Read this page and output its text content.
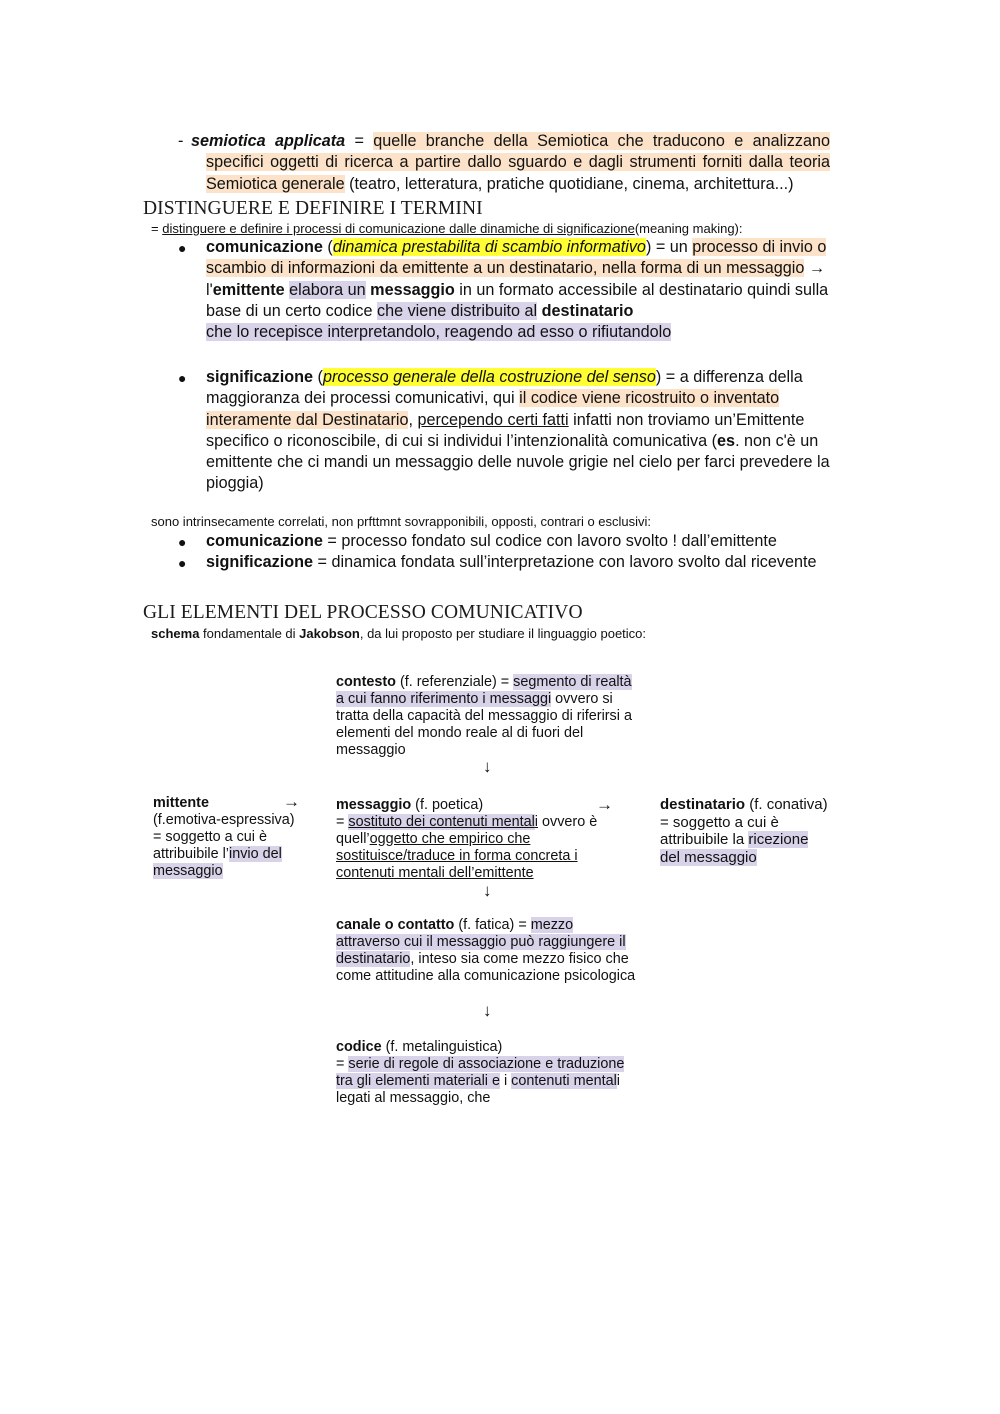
- semiotica applicata = quelle branche della Semiotica che traducono e analizzano specifici oggetti di ricerca a partire dallo sguardo e dagli strumenti forniti dalla teoria Semiotica generale (teatro, letteratura, pratiche quotidiane, cinema, architettura...)
DISTINGUERE E DEFINIRE I TERMINI
= distinguere e definire i processi di comunicazione dalle dinamiche di significazione(meaning making):
● comunicazione (dinamica prestabilita di scambio informativo) = un processo di invio o scambio di informazioni da emittente a un destinatario, nella forma di un messaggio → l'emittente elabora un messaggio in un formato accessibile al destinatario quindi sulla base di un certo codice che viene distribuito al destinatario
che lo recepisce interpretandolo, reagendo ad esso o rifiutandolo
● significazione (processo generale della costruzione del senso) = a differenza della maggioranza dei processi comunicativi, qui il codice viene ricostruito o inventato interamente dal Destinatario, percependo certi fatti infatti non troviamo un’Emittente specifico o riconoscibile, di cui si individui l’intenzionalità comunicativa (es. non c'è un emittente che ci mandi un messaggio delle nuvole grigie nel cielo per farci prevedere la pioggia)
sono intrinsecamente correlati, non prfttmnt sovrapponibili, opposti, contrari o esclusivi:
● comunicazione = processo fondato sul codice con lavoro svolto ! dall’emittente
● significazione = dinamica fondata sull’interpretazione con lavoro svolto dal ricevente
GLI ELEMENTI DEL PROCESSO COMUNICATIVO
schema fondamentale di Jakobson, da lui proposto per studiare il linguaggio poetico:
contesto (f. referenziale) = segmento di realtà a cui fanno riferimento i messaggi ovvero si tratta della capacità del messaggio di riferirsi a elementi del mondo reale al di fuori del messaggio
↓
mittente
(f.emotiva-espressiva) = soggetto a cui è attribuibile l’invio del messaggio
→	messaggio (f. poetica)
= sostituto dei contenuti mentali ovvero è quell’oggetto che empirico che sostituisce/traduce in forma concreta i contenuti mentali dell’emittente
→
↓
destinatario (f. conativa) = soggetto a cui è attribuibile la ricezione del messaggio
canale o contatto (f. fatica) = mezzo attraverso cui il messaggio può raggiungere il destinatario, inteso sia come mezzo fisico che come attitudine alla comunicazione psicologica
↓
codice (f. metalinguistica)
= serie di regole di associazione e traduzione tra gli elementi materiali e i contenuti mentali legati al messaggio, che
